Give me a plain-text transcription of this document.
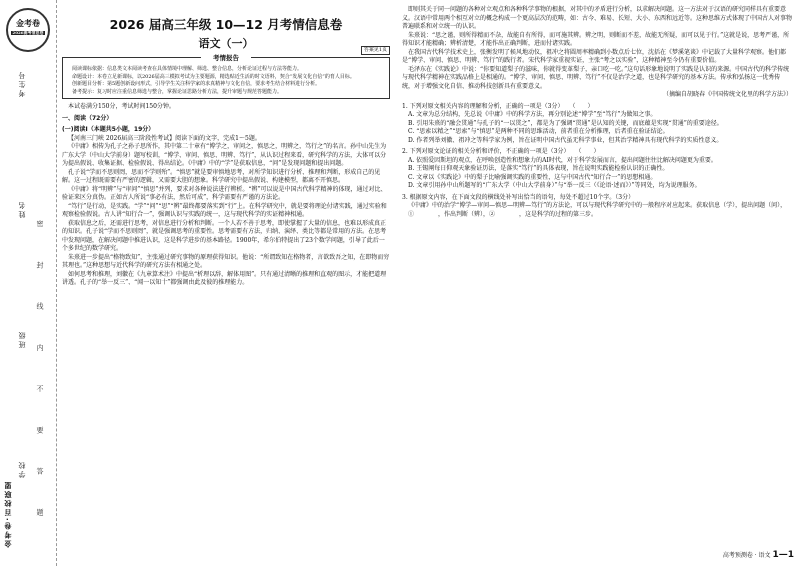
金考卷
2026高考信息卷
考生号
姓名
班级
学校
金考卷·百校联盟	密 封 线 内 不 要 答 题
2026 届高三年级 10—12 月考情信息卷
语文（一）
答案见1页
考情报告

阅读课标依据：信息类文本阅读考查在具体情境中理解、筛选、整合信息，分析论证过程与方法等能力。

命题设计：本卷立足新课标，以2026届高三模拟考试为主要题源，精选贴近生活的时文语料，契合“发展文化自信”的育人目标。

创新题目分析：第5题创新设问形式，引导学生关注科学家的求真精神与文化自信，要求考生结合材料进行分析。

备考提示：复习时应注重信息筛选与整合，掌握论证思路分析方法，提升审题与规范答题能力。

本试卷满分150分，考试时间150分钟。

一、阅读（72分）

(一)阅读Ⅰ（本题共5小题，19分）

【河南三门峡 2026届高三阶段性考试】阅读下面的文字，完成1～5题。

《中庸》相传为孔子之孙子思所作，其中第二十章有“博学之，审问之，慎思之，明辨之，笃行之”的名言。孙中山先生为广东大学（中山大学前身）题写校训，“博学、审问、慎思、明辨、笃行”，从认识过程来看，研究科学的方法，大体可以分为提出假说、收集证据、检验假说、得出结论。《中庸》中的“学”是获取信息，“问”是发现问题和提出问题。

孔子说“学而不思则罔，思而不学则殆”。“慎思”就是要审慎地思考，对所学知识进行分析、推理和判断，形成自己的见解。这一过程既需要有严密的逻辑，又需要大胆的想象。科学研究中提出假说、构建模型，都离不开慎思。

《中庸》将“明辨”与“审问”“慎思”并列，要求对各种说法进行辨析。“辨”可以说是中国古代科学精神的体现，通过对比、验证来区分真伪。正如古人所说“事必有法，然后可成”，科学需要有严谨的方法论。

“笃行”是行动，是实践。“学”“问”“思”“辨”最终都要落实到“行”上。在科学研究中，就是要将理论付诸实践，通过实验和观察检验假说。古人讲“知行合一”，强调认识与实践的统一，这与现代科学的实证精神相通。

获取信息之后，还需进行思考，对信息进行分析和判断。一个人若不善于思考，即使掌握了大量的信息，也难以形成真正的知识。孔子说“学而不思则罔”，就是强调思考的重要性。思考需要有方法，归纳、演绎、类比等都是常用的方法。在思考中发现问题，在解决问题中推进认识，这是科学进步的基本路径。1900年，希尔伯特提出了23个数学问题，引导了此后一个多世纪的数学研究。

朱熹进一步提出“格物致知”，主张通过研究事物的原理获得知识。他说：“所谓致知在格物者，言欲致吾之知，在即物而穷其理也。”这种思想与近代科学的研究方法有相通之处。

如何思考和推理，刘徽在《九章算术注》中提出“析理以辞，解体用图”。只有通过清晰的推理和直观的图示，才能把道理讲透。孔子的“举一反三”、“闻一以知十”都强调由此及彼的推理能力。

即则其关于同一问题的各种对立观点和各种科学事物的根据，对其中的矛盾进行分析，以求解决问题。这一方法对于汉语的研究同样具有重要意义。汉语中常用两个相互对立的概念构成一个更高层次的范畴，如：古今、难易、长短、大小、东西和远近等。这种思维方式体现了中国古人对事物普遍联系和对立统一的认识。

朱熹说：“思之谨，则所得精而不杂，故能自有所得，而可施其辨。辨之明，则断而不差，故能无所疑，而可以见于行。”这就是说，思考严谨，所得知识才能精确；辨析清楚，才能作出正确判断，进而付诸实践。

在我国古代科学技术史上，张衡发明了候风地动仪，祖冲之将圆周率精确到小数点后七位，沈括在《梦溪笔谈》中记载了大量科学观察。他们都是“博学、审问、慎思、明辨、笃行”的践行者。宋代科学家重视实证，主张“考之以实验”，这种精神至今仍有重要价值。

毛泽东在《实践论》中说：“你要知道梨子的滋味，你就得变革梨子，亲口吃一吃。”这句话形象地说明了实践是认识的来源。中国古代的科学传统与现代科学精神在实践品格上是相通的。“博学、审问、慎思、明辨、笃行”不仅是治学之道，也是科学研究的基本方法。传承和弘扬这一优秀传统，对于增强文化自信、推动科技创新具有重要意义。

（摘编自胡晓春《中国传统文化里的科学方法》）

1. 下列对原文相关内容的理解和分析，正确的一项是（3分）　　（　　）

A. 文章为总分结构，先总说《中庸》中的科学方法，再分别论述“博学”至“笃行”为做知之事。

B. 引用朱熹的“融会贯通”与孔子的“一以贯之”，都是为了强调“贯通”是认知的关键，而底蕴是实现“贯通”的重要途径。

C. “思索以精之”“思索”与“慎思”是两种不同的思维活动，前者重在分析推理，后者重在验证结论。

D. 作者列举刘徽、祖冲之等科学家为例，旨在证明中国古代虽无科学事业，但其治学精神具有现代科学的实质性意义。

2. 下列对原文论证的相关分析和评价，不正确的一项是（3分）　　（　　）

A. 依照爱因斯坦的观点，在呼唤创造性和想象力的AI时代，对于科学发展而言，提出问题往往比解决问题更为重要。

B. 王锡阐每日仰观天象验证历法，是落实“笃行”的具体表现，旨在说明实践能检验认识的正确性。

C. 文章以《实践论》中的梨子比喻强调实践的重要性，这与中国古代“知行合一”的思想相通。

D. 文章引用孙中山所题写的“广东大学（中山大学前身）”与“举一反三（《论语·述而》）”等同处，均为说理服务。

3. 根据原文内容，在下面文段的横线处补写出恰当的语句，每处不超过10个字。（3分）

《中庸》中的治学“博学—审问—慎思—明辨—笃行”的方法论，可以与现代科学研究中的一般程序对应起来。获取信息（学），提出问题（问），①　　　　，作出判断（辨），②　　　　，这是科学的过程的第三步。

高考预测卷 · 语文 1—1
